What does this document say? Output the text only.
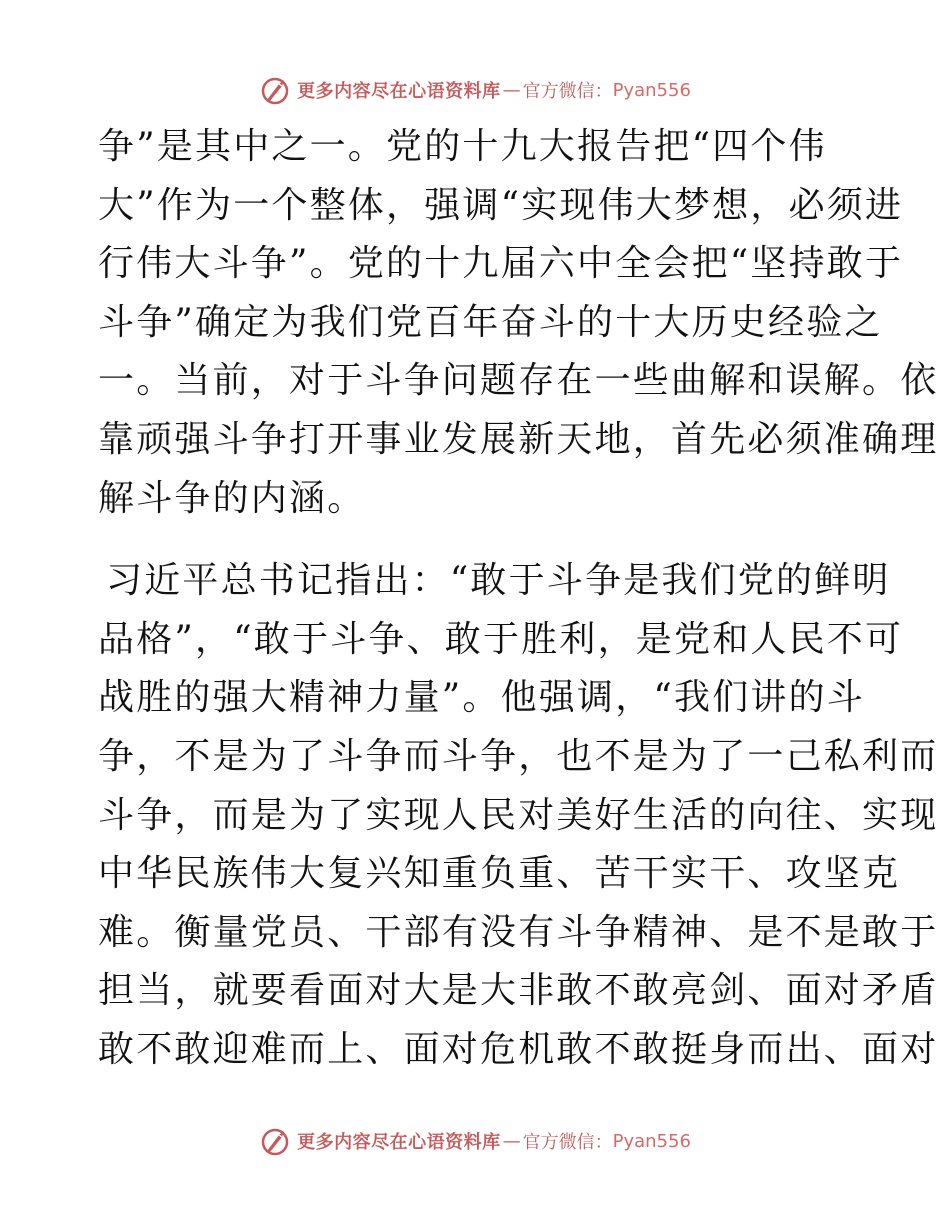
更多内容尽在心语资料库 — 官方微信： Pyan556
争”是其中之一。党的十九大报告把“四个伟
大”作为一个整体，强调“实现伟大梦想，必须进
行伟大斗争”。党的十九届六中全会把“坚持敢于
斗争”确定为我们党百年奋斗的十大历史经验之
一。当前，对于斗争问题存在一些曲解和误解。依
靠顽强斗争打开事业发展新天地，首先必须准确理
解斗争的内涵。
习近平总书记指出：“敢于斗争是我们党的鲜明
品格”，“敢于斗争、敢于胜利，是党和人民不可
战胜的强大精神力量”。他强调，“我们讲的斗
争，不是为了斗争而斗争，也不是为了一己私利而
斗争，而是为了实现人民对美好生活的向往、实现
中华民族伟大复兴知重负重、苦干实干、攻坚克
难。衡量党员、干部有没有斗争精神、是不是敢于
担当，就要看面对大是大非敢不敢亮剑、面对矛盾
敢不敢迎难而上、面对危机敢不敢挺身而出、面对
更多内容尽在心语资料库 — 官方微信： Pyan556
